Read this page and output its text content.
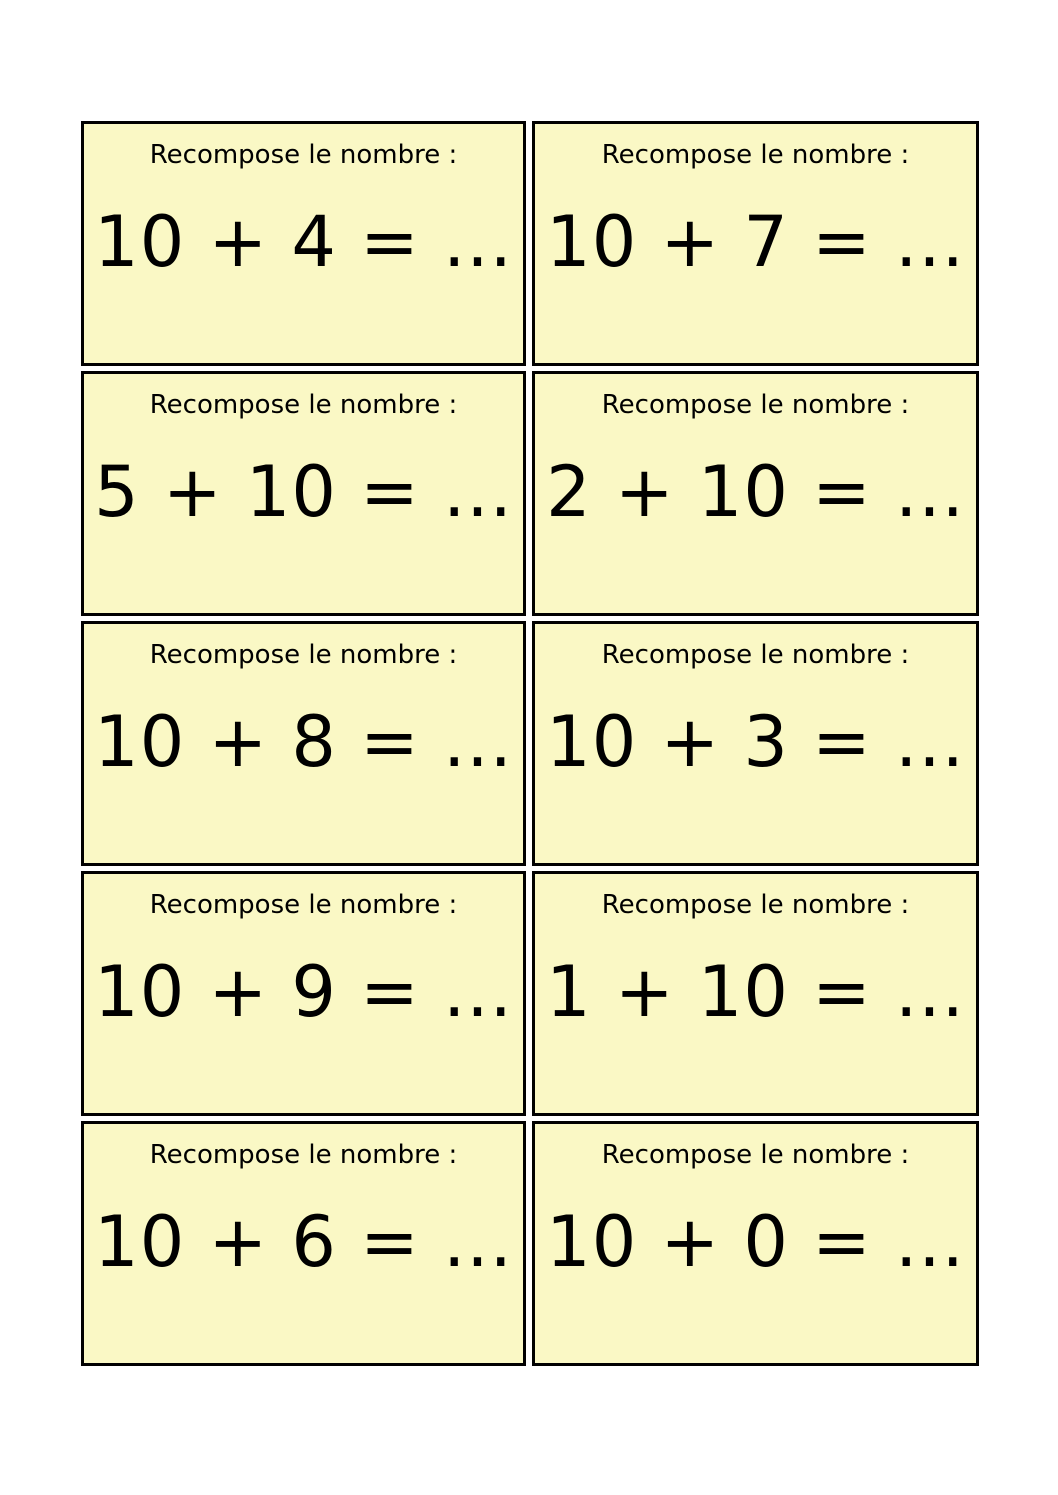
Recompose le nombre :
10 + 4 = ...
Recompose le nombre :
10 + 7 = ...
Recompose le nombre :
5 + 10 = ...
Recompose le nombre :
2 + 10 = ...
Recompose le nombre :
10 + 8 = ...
Recompose le nombre :
10 + 3 = ...
Recompose le nombre :
10 + 9 = ...
Recompose le nombre :
1 + 10 = ...
Recompose le nombre :
10 + 6 = ...
Recompose le nombre :
10 + 0 = ...
